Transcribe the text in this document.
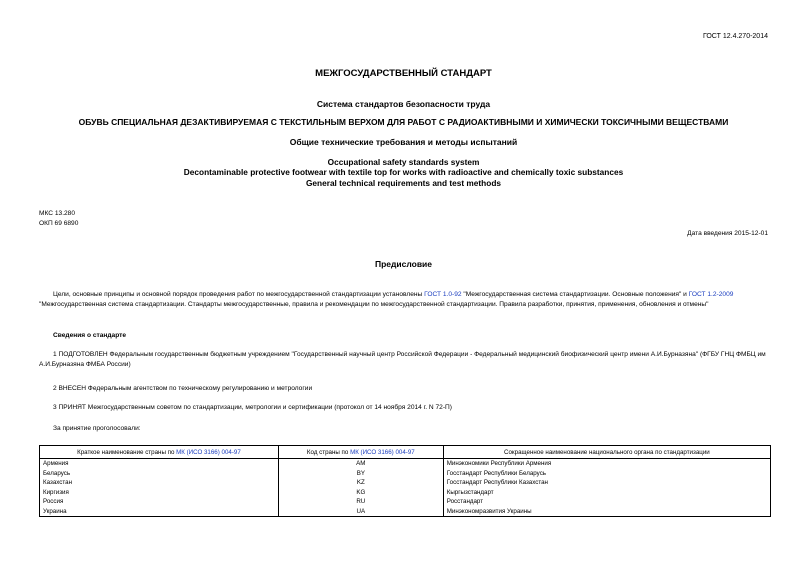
ГОСТ 12.4.270-2014
МЕЖГОСУДАРСТВЕННЫЙ СТАНДАРТ
Система стандартов безопасности труда
ОБУВЬ СПЕЦИАЛЬНАЯ ДЕЗАКТИВИРУЕМАЯ С ТЕКСТИЛЬНЫМ ВЕРХОМ ДЛЯ РАБОТ С РАДИОАКТИВНЫМИ И ХИМИЧЕСКИ ТОКСИЧНЫМИ ВЕЩЕСТВАМИ
Общие технические требования и методы испытаний
Occupational safety standards system
Decontaminable protective footwear with textile top for works with radioactive and chemically toxic substances
General technical requirements and test methods
МКС 13.280
ОКП 69 6890
Дата введения 2015-12-01
Предисловие
Цели, основные принципы и основной порядок проведения работ по межгосударственной стандартизации установлены ГОСТ 1.0-92 "Межгосударственная система стандартизации. Основные положения" и ГОСТ 1.2-2009 "Межгосударственная система стандартизации. Стандарты межгосударственные, правила и рекомендации по межгосударственной стандартизации. Правила разработки, принятия, применения, обновления и отмены"
Сведения о стандарте
1 ПОДГОТОВЛЕН Федеральным государственным бюджетным учреждением "Государственный научный центр Российской Федерации - Федеральный медицинский биофизический центр имени А.И.Бурназяна" (ФГБУ ГНЦ ФМБЦ им А.И.Бурназяна ФМБА России)
2 ВНЕСЕН Федеральным агентством по техническому регулированию и метрологии
3 ПРИНЯТ Межгосударственным советом по стандартизации, метрологии и сертификации (протокол от 14 ноября 2014 г. N 72-П)
За принятие проголосовали:
Краткое наименование страны по МК (ИСО 3166) 004-97	Код страны по МК (ИСО 3166) 004-97	Сокращенное наименование национального органа по стандартизации
Армения	AM	Минэкономики Республики Армения
Беларусь	BY	Госстандарт Республики Беларусь
Казахстан	KZ	Госстандарт Республики Казахстан
Киргизия	KG	Кыргызстандарт
Россия	RU	Росстандарт
Украина	UA	Минэкономразвития Украины
